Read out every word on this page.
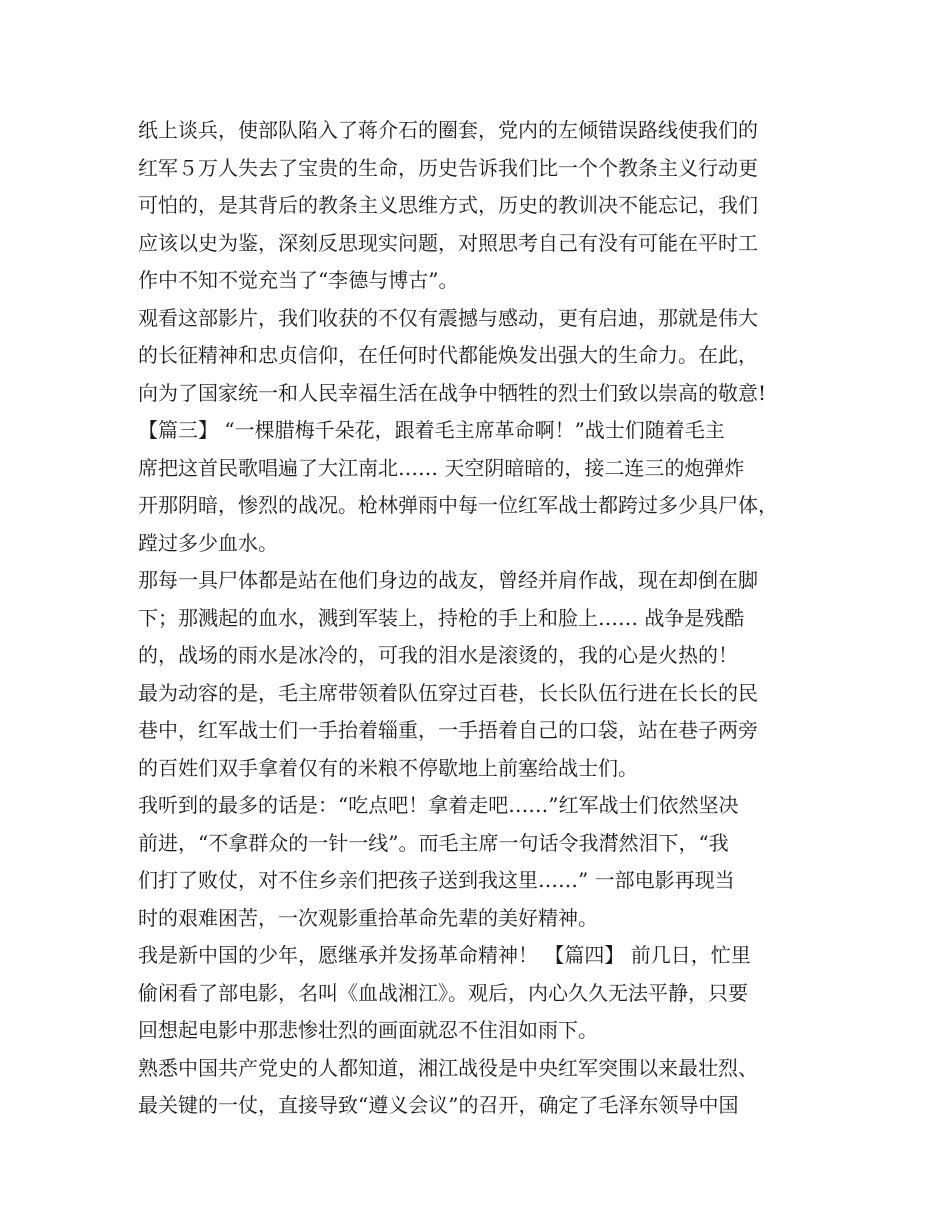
纸上谈兵，使部队陷入了蒋介石的圈套，党内的左倾错误路线使我们的
红军５万人失去了宝贵的生命，历史告诉我们比一个个教条主义行动更
可怕的，是其背后的教条主义思维方式，历史的教训决不能忘记，我们
应该以史为鉴，深刻反思现实问题，对照思考自己有没有可能在平时工
作中不知不觉充当了“李德与博古”。
观看这部影片，我们收获的不仅有震撼与感动，更有启迪，那就是伟大
的长征精神和忠贞信仰，在任何时代都能焕发出强大的生命力。在此，
向为了国家统一和人民幸福生活在战争中牺牲的烈士们致以崇高的敬意!
【篇三】 “一棵腊梅千朵花，跟着毛主席革命啊！”战士们随着毛主
席把这首民歌唱遍了大江南北…… 天空阴暗暗的，接二连三的炮弹炸
开那阴暗，惨烈的战况。枪林弹雨中每一位红军战士都跨过多少具尸体，
蹚过多少血水。
那每一具尸体都是站在他们身边的战友，曾经并肩作战，现在却倒在脚
下；那溅起的血水，溅到军装上，持枪的手上和脸上…… 战争是残酷
的，战场的雨水是冰冷的，可我的泪水是滚烫的，我的心是火热的！
最为动容的是，毛主席带领着队伍穿过百巷，长长队伍行进在长长的民
巷中，红军战士们一手抬着辎重，一手捂着自己的口袋，站在巷子两旁
的百姓们双手拿着仅有的米粮不停歇地上前塞给战士们。
我听到的最多的话是：“吃点吧！拿着走吧……”红军战士们依然坚决
前进，“不拿群众的一针一线”。而毛主席一句话令我潸然泪下，“我
们打了败仗，对不住乡亲们把孩子送到我这里……” 一部电影再现当
时的艰难困苦，一次观影重拾革命先辈的美好精神。
我是新中国的少年，愿继承并发扬革命精神！ 【篇四】 前几日，忙里
偷闲看了部电影，名叫《血战湘江》。观后，内心久久无法平静，只要
回想起电影中那悲惨壮烈的画面就忍不住泪如雨下。
熟悉中国共产党史的人都知道，湘江战役是中央红军突围以来最壮烈、
最关键的一仗，直接导致“遵义会议”的召开，确定了毛泽东领导中国
